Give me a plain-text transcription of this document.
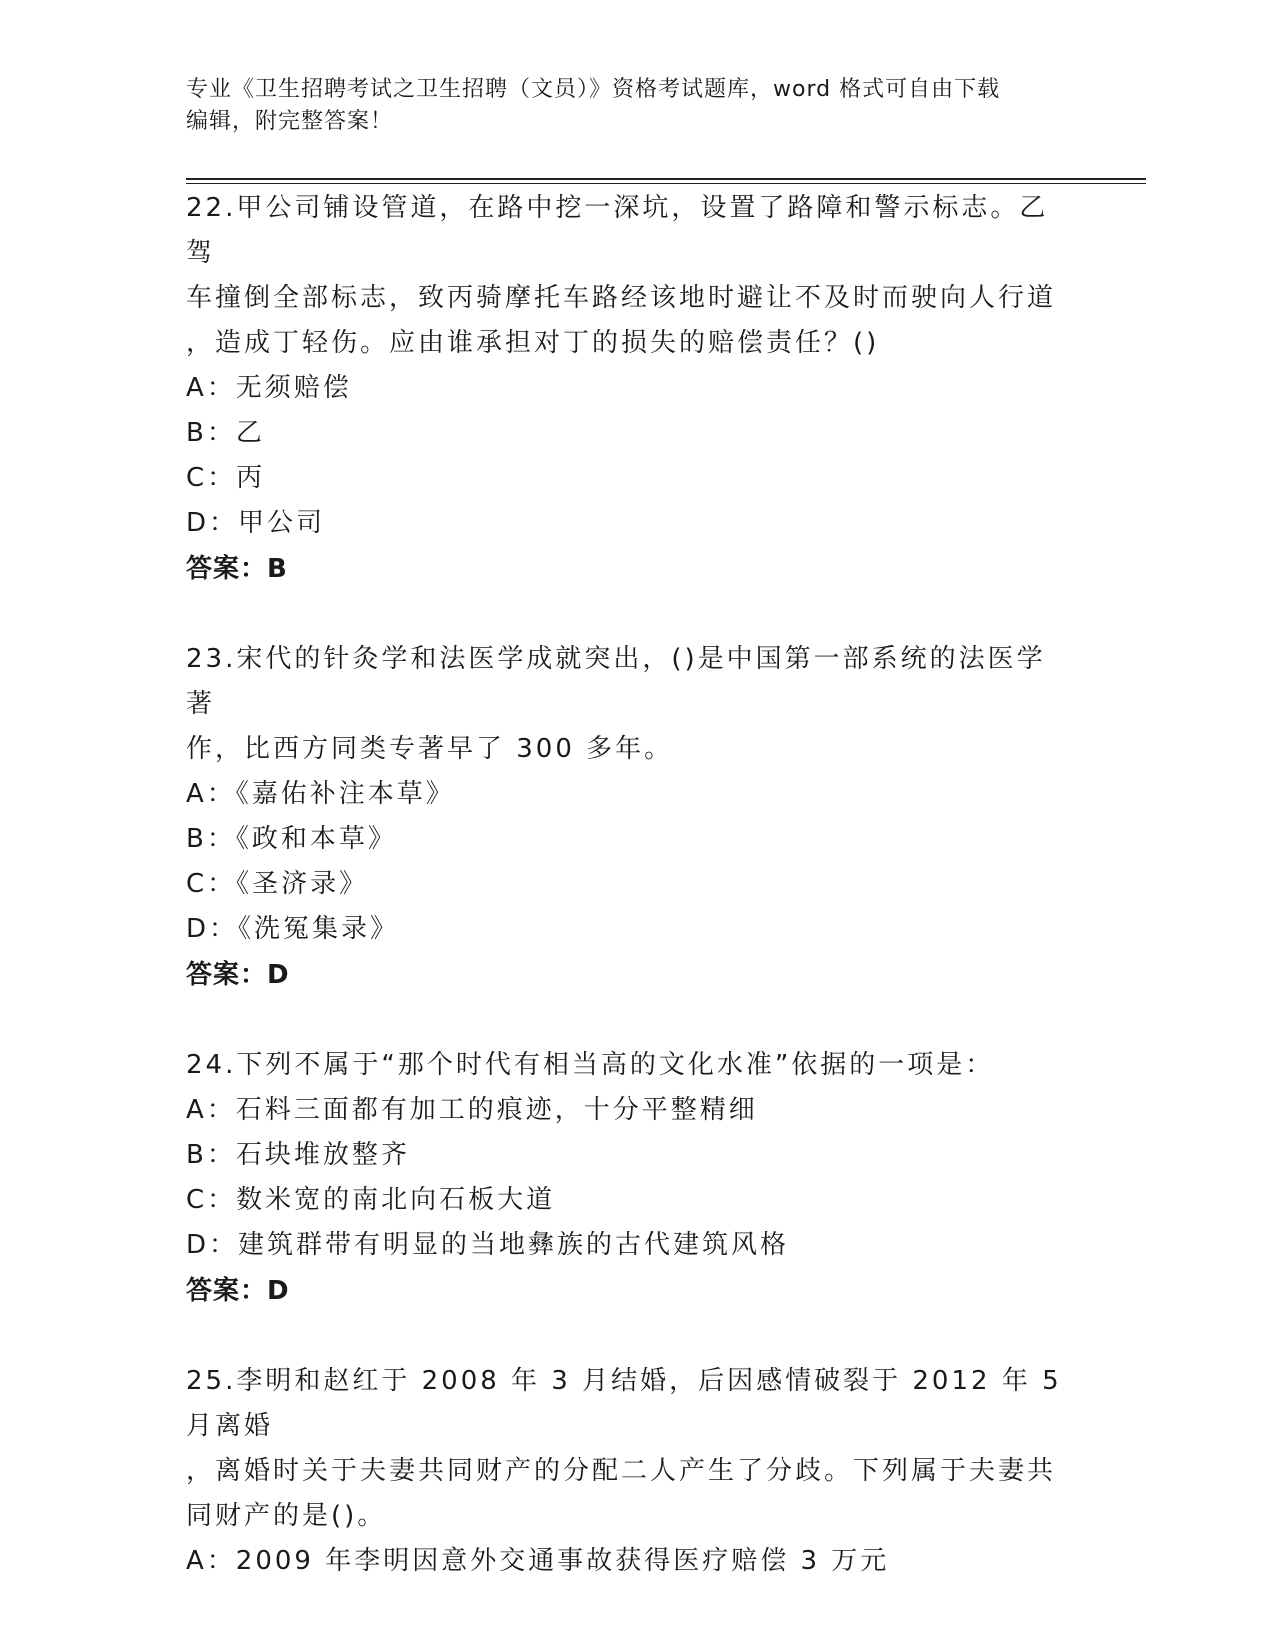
专业《卫生招聘考试之卫生招聘（文员）》资格考试题库，word 格式可自由下载
编辑，附完整答案！
22.甲公司铺设管道，在路中挖一深坑，设置了路障和警示标志。乙驾
车撞倒全部标志，致丙骑摩托车路经该地时避让不及时而驶向人行道
，造成丁轻伤。应由谁承担对丁的损失的赔偿责任？()
A：无须赔偿
B：乙
C：丙
D：甲公司
答案：B
23.宋代的针灸学和法医学成就突出，()是中国第一部系统的法医学著
作，比西方同类专著早了 300 多年。
A：《嘉佑补注本草》
B：《政和本草》
C：《圣济录》
D：《洗冤集录》
答案：D
24.下列不属于“那个时代有相当高的文化水准”依据的一项是：
A：石料三面都有加工的痕迹，十分平整精细
B：石块堆放整齐
C：数米宽的南北向石板大道
D：建筑群带有明显的当地彝族的古代建筑风格
答案：D
25.李明和赵红于 2008 年 3 月结婚，后因感情破裂于 2012 年 5 月离婚
，离婚时关于夫妻共同财产的分配二人产生了分歧。下列属于夫妻共
同财产的是()。
A：2009 年李明因意外交通事故获得医疗赔偿 3 万元
